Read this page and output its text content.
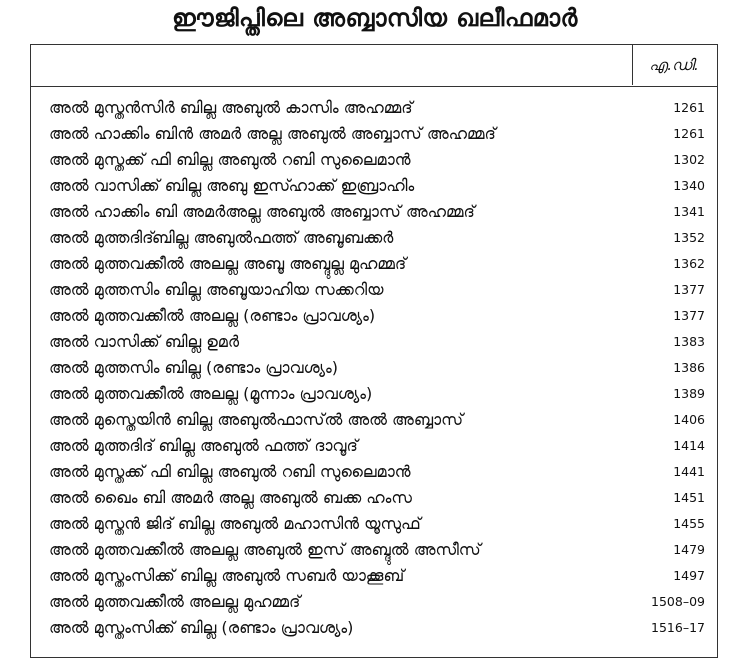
ഈജിപ്തിലെ അബ്ബാസിയ ഖലീഫമാർ
എ.ഡി.
അൽ മുസ്തൻസിർ ബില്ല അബുൽ കാസിം അഹമ്മദ്	1261
അൽ ഹാക്കിം ബിൻ അമർ അല്ല അബുൽ അബ്ബാസ് അഹമ്മദ്	1261
അൽ മുസ്തക്ക് ഫി ബില്ല അബുൽ റബി സുലൈമാൻ	1302
അൽ വാസിക്ക് ബില്ല അബു ഇസ്ഹാക്ക് ഇബ്രാഹിം	1340
അൽ ഹാക്കിം ബി അമർഅല്ല അബുൽ അബ്ബാസ് അഹമ്മദ്	1341
അൽ മുത്തദിദ്ബില്ല അബുൽഫത്ത് അബൂബക്കർ	1352
അൽ മുത്തവക്കീൽ അലല്ല അബൂ അബ്ദുല്ല മുഹമ്മദ്	1362
അൽ മുത്തസിം ബില്ല അബൂയാഹിയ സക്കറിയ	1377
അൽ മുത്തവക്കീൽ അലല്ല (രണ്ടാം പ്രാവശ്യം)	1377
അൽ വാസിക്ക് ബില്ല ഉമർ	1383
അൽ മുത്തസിം ബില്ല (രണ്ടാം പ്രാവശ്യം)	1386
അൽ മുത്തവക്കീൽ അലല്ല (മൂന്നാം പ്രാവശ്യം)	1389
അൽ മുസ്തെയിൻ ബില്ല അബുൽഫാസ്ൽ അൽ അബ്ബാസ്	1406
അൽ മുത്തദിദ് ബില്ല അബുൽ ഫത്ത് ദാവൂദ്	1414
അൽ മുസ്തക്ക് ഫി ബില്ല അബുൽ റബി സുലൈമാൻ	1441
അൽ ഖൈം ബി അമർ അല്ല അബുൽ ബക്ക ഹംസ	1451
അൽ മുസ്തൻ ജിദ് ബില്ല അബുൽ മഹാസിൻ യൂസുഫ്	1455
അൽ മുത്തവക്കീൽ അലല്ല അബുൽ ഇസ് അബ്ദുൽ അസീസ്	1479
അൽ മുസ്തംസിക്ക് ബില്ല അബുൽ സബർ യാക്കൂബ്	1497
അൽ മുത്തവക്കീൽ അലല്ല മുഹമ്മദ്	1508–09
അൽ മുസ്തംസിക്ക് ബില്ല (രണ്ടാം പ്രാവശ്യം)	1516–17
